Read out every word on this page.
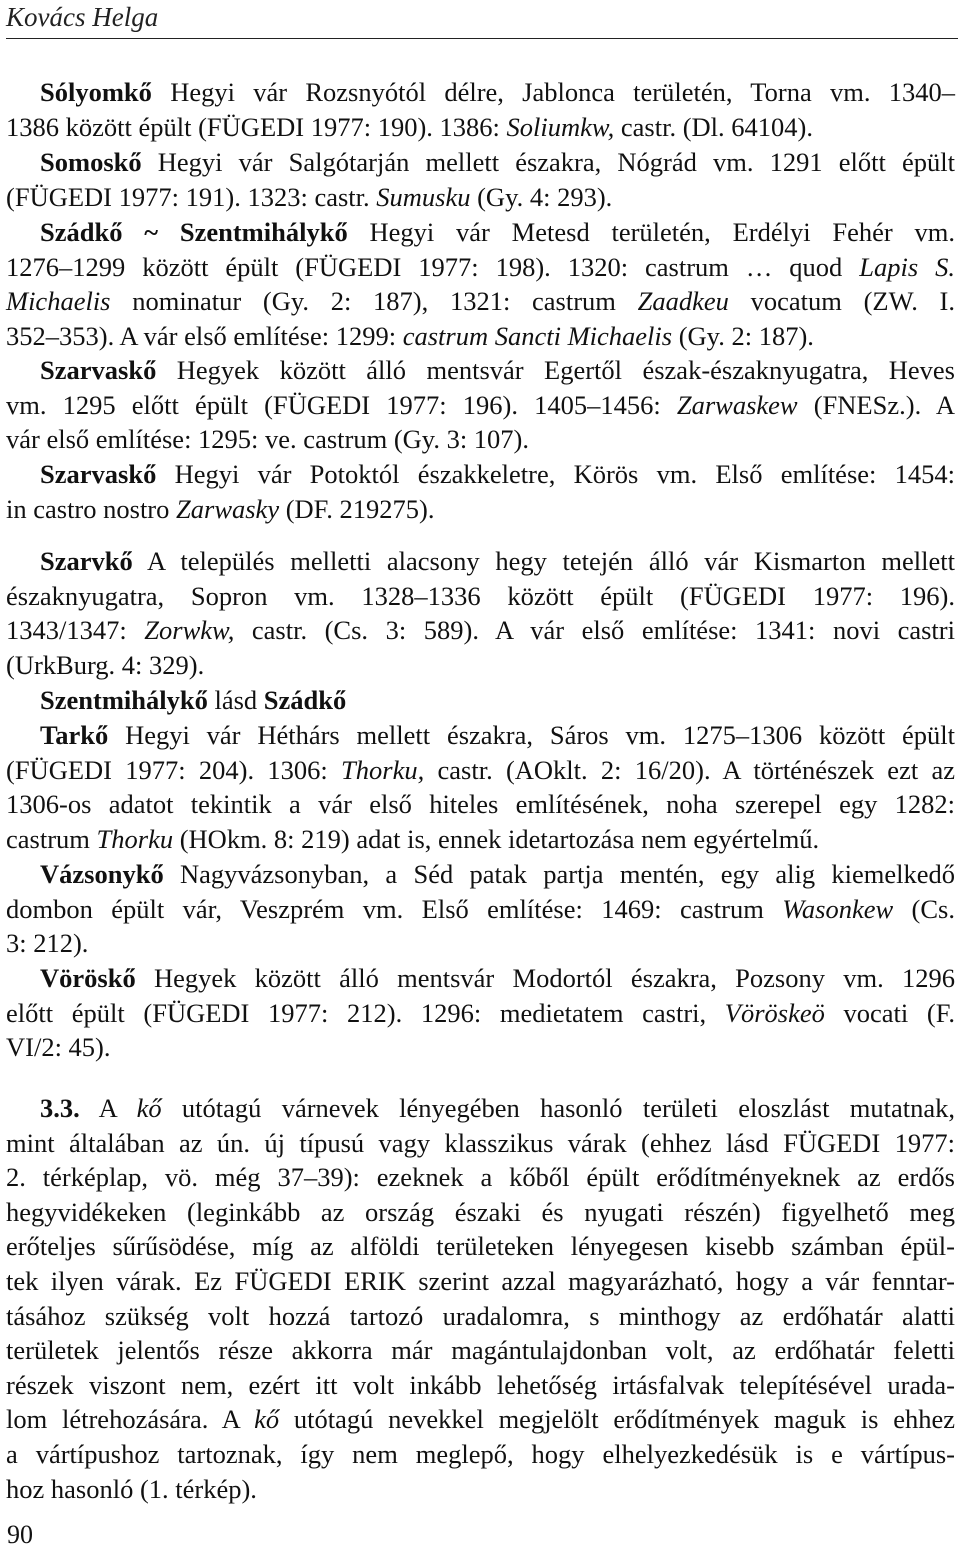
Kovács Helga
Sólyomkő Hegyi vár Rozsnyótól délre, Jablonca területén, Torna vm. 1340–
1386 között épült (FÜGEDI 1977: 190). 1386: Soliumkw, castr. (Dl. 64104).
Somoskő Hegyi vár Salgótarján mellett északra, Nógrád vm. 1291 előtt épült
(FÜGEDI 1977: 191). 1323: castr. Sumusku (Gy. 4: 293).
Szádkő ~ Szentmihálykő Hegyi vár Metesd területén, Erdélyi Fehér vm.
1276–1299 között épült (FÜGEDI 1977: 198). 1320: castrum … quod Lapis S.
Michaelis nominatur (Gy. 2: 187), 1321: castrum Zaadkeu vocatum (ZW. I.
352–353). A vár első említése: 1299: castrum Sancti Michaelis (Gy. 2: 187).
Szarvaskő Hegyek között álló mentsvár Egertől észak-északnyugatra, Heves
vm. 1295 előtt épült (FÜGEDI 1977: 196). 1405–1456: Zarwaskew (FNESz.). A
vár első említése: 1295: ve. castrum (Gy. 3: 107).
Szarvaskő Hegyi vár Potoktól északkeletre, Körös vm. Első említése: 1454:
in castro nostro Zarwasky (DF. 219275).
Szarvkő A település melletti alacsony hegy tetején álló vár Kismarton mellett
északnyugatra, Sopron vm. 1328–1336 között épült (FÜGEDI 1977: 196).
1343/1347: Zorwkw, castr. (Cs. 3: 589). A vár első említése: 1341: novi castri
(UrkBurg. 4: 329).
Szentmihálykő lásd Szádkő
Tarkő Hegyi vár Héthárs mellett északra, Sáros vm. 1275–1306 között épült
(FÜGEDI 1977: 204). 1306: Thorku, castr. (AOklt. 2: 16/20). A történészek ezt az
1306-os adatot tekintik a vár első hiteles említésének, noha szerepel egy 1282:
castrum Thorku (HOkm. 8: 219) adat is, ennek idetartozása nem egyértelmű.
Vázsonykő Nagyvázsonyban, a Séd patak partja mentén, egy alig kiemelkedő
dombon épült vár, Veszprém vm. Első említése: 1469: castrum Wasonkew (Cs.
3: 212).
Vöröskő Hegyek között álló mentsvár Modortól északra, Pozsony vm. 1296
előtt épült (FÜGEDI 1977: 212). 1296: medietatem castri, Vöröskeö vocati (F.
VI/2: 45).
3.3. A kő utótagú várnevek lényegében hasonló területi eloszlást mutatnak,
mint általában az ún. új típusú vagy klasszikus várak (ehhez lásd FÜGEDI 1977:
2. térképlap, vö. még 37–39): ezeknek a kőből épült erődítményeknek az erdős
hegyvidékeken (leginkább az ország északi és nyugati részén) figyelhető meg
erőteljes sűrűsödése, míg az alföldi területeken lényegesen kisebb számban épül-
tek ilyen várak. Ez FÜGEDI ERIK szerint azzal magyarázható, hogy a vár fenntar-
tásához szükség volt hozzá tartozó uradalomra, s minthogy az erdőhatár alatti
területek jelentős része akkorra már magántulajdonban volt, az erdőhatár feletti
részek viszont nem, ezért itt volt inkább lehetőség irtásfalvak telepítésével urada-
lom létrehozására. A kő utótagú nevekkel megjelölt erődítmények maguk is ehhez
a vártípushoz tartoznak, így nem meglepő, hogy elhelyezkedésük is e vártípus-
hoz hasonló (1. térkép).
90
